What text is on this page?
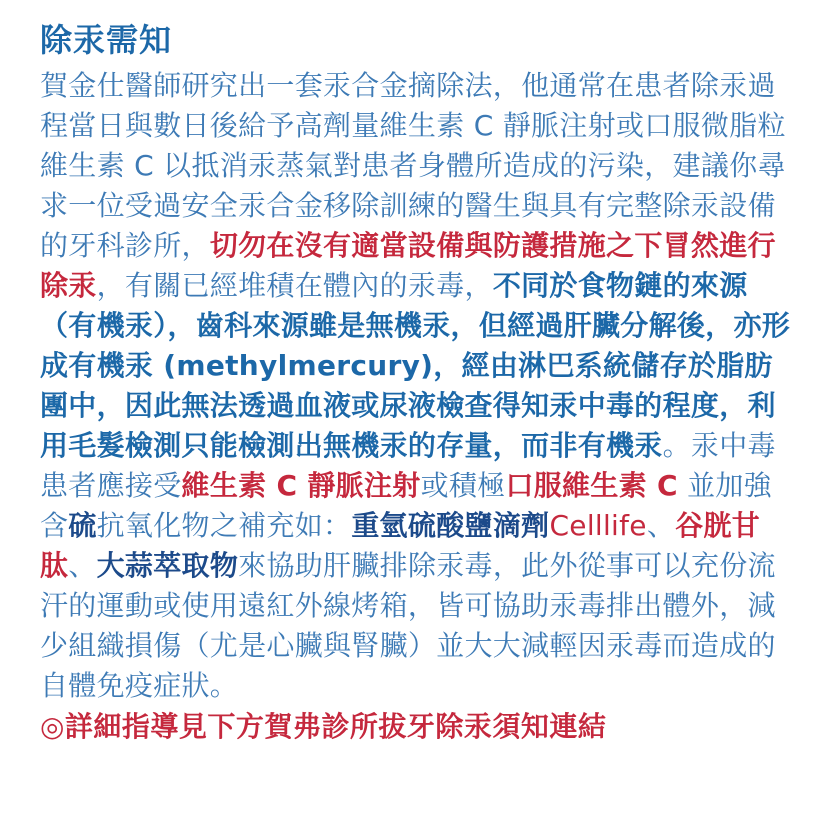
除汞需知
賀金仕醫師研究出一套汞合金摘除法，他通常在患者除汞過程當日與數日後給予高劑量維生素 C 靜脈注射或口服微脂粒維生素 C 以抵消汞蒸氣對患者身體所造成的污染，建議你尋求一位受過安全汞合金移除訓練的醫生與具有完整除汞設備的牙科診所，切勿在沒有適當設備與防護措施之下冒然進行除汞，有關已經堆積在體內的汞毒，不同於食物鏈的來源（有機汞），齒科來源雖是無機汞，但經過肝臟分解後，亦形成有機汞 (methylmercury)，經由淋巴系統儲存於脂肪團中，因此無法透過血液或尿液檢查得知汞中毒的程度，利用毛髮檢測只能檢測出無機汞的存量，而非有機汞。汞中毒患者應接受維生素 C 靜脈注射或積極口服維生素 C 並加強含硫抗氧化物之補充如：重氫硫酸鹽滴劑Celllife、谷胱甘肽、大蒜萃取物來協助肝臟排除汞毒，此外從事可以充份流汗的運動或使用遠紅外線烤箱，皆可協助汞毒排出體外，減少組織損傷（尤是心臟與腎臟）並大大減輕因汞毒而造成的自體免疫症狀。
◎詳細指導見下方賀弗診所拔牙除汞須知連結
